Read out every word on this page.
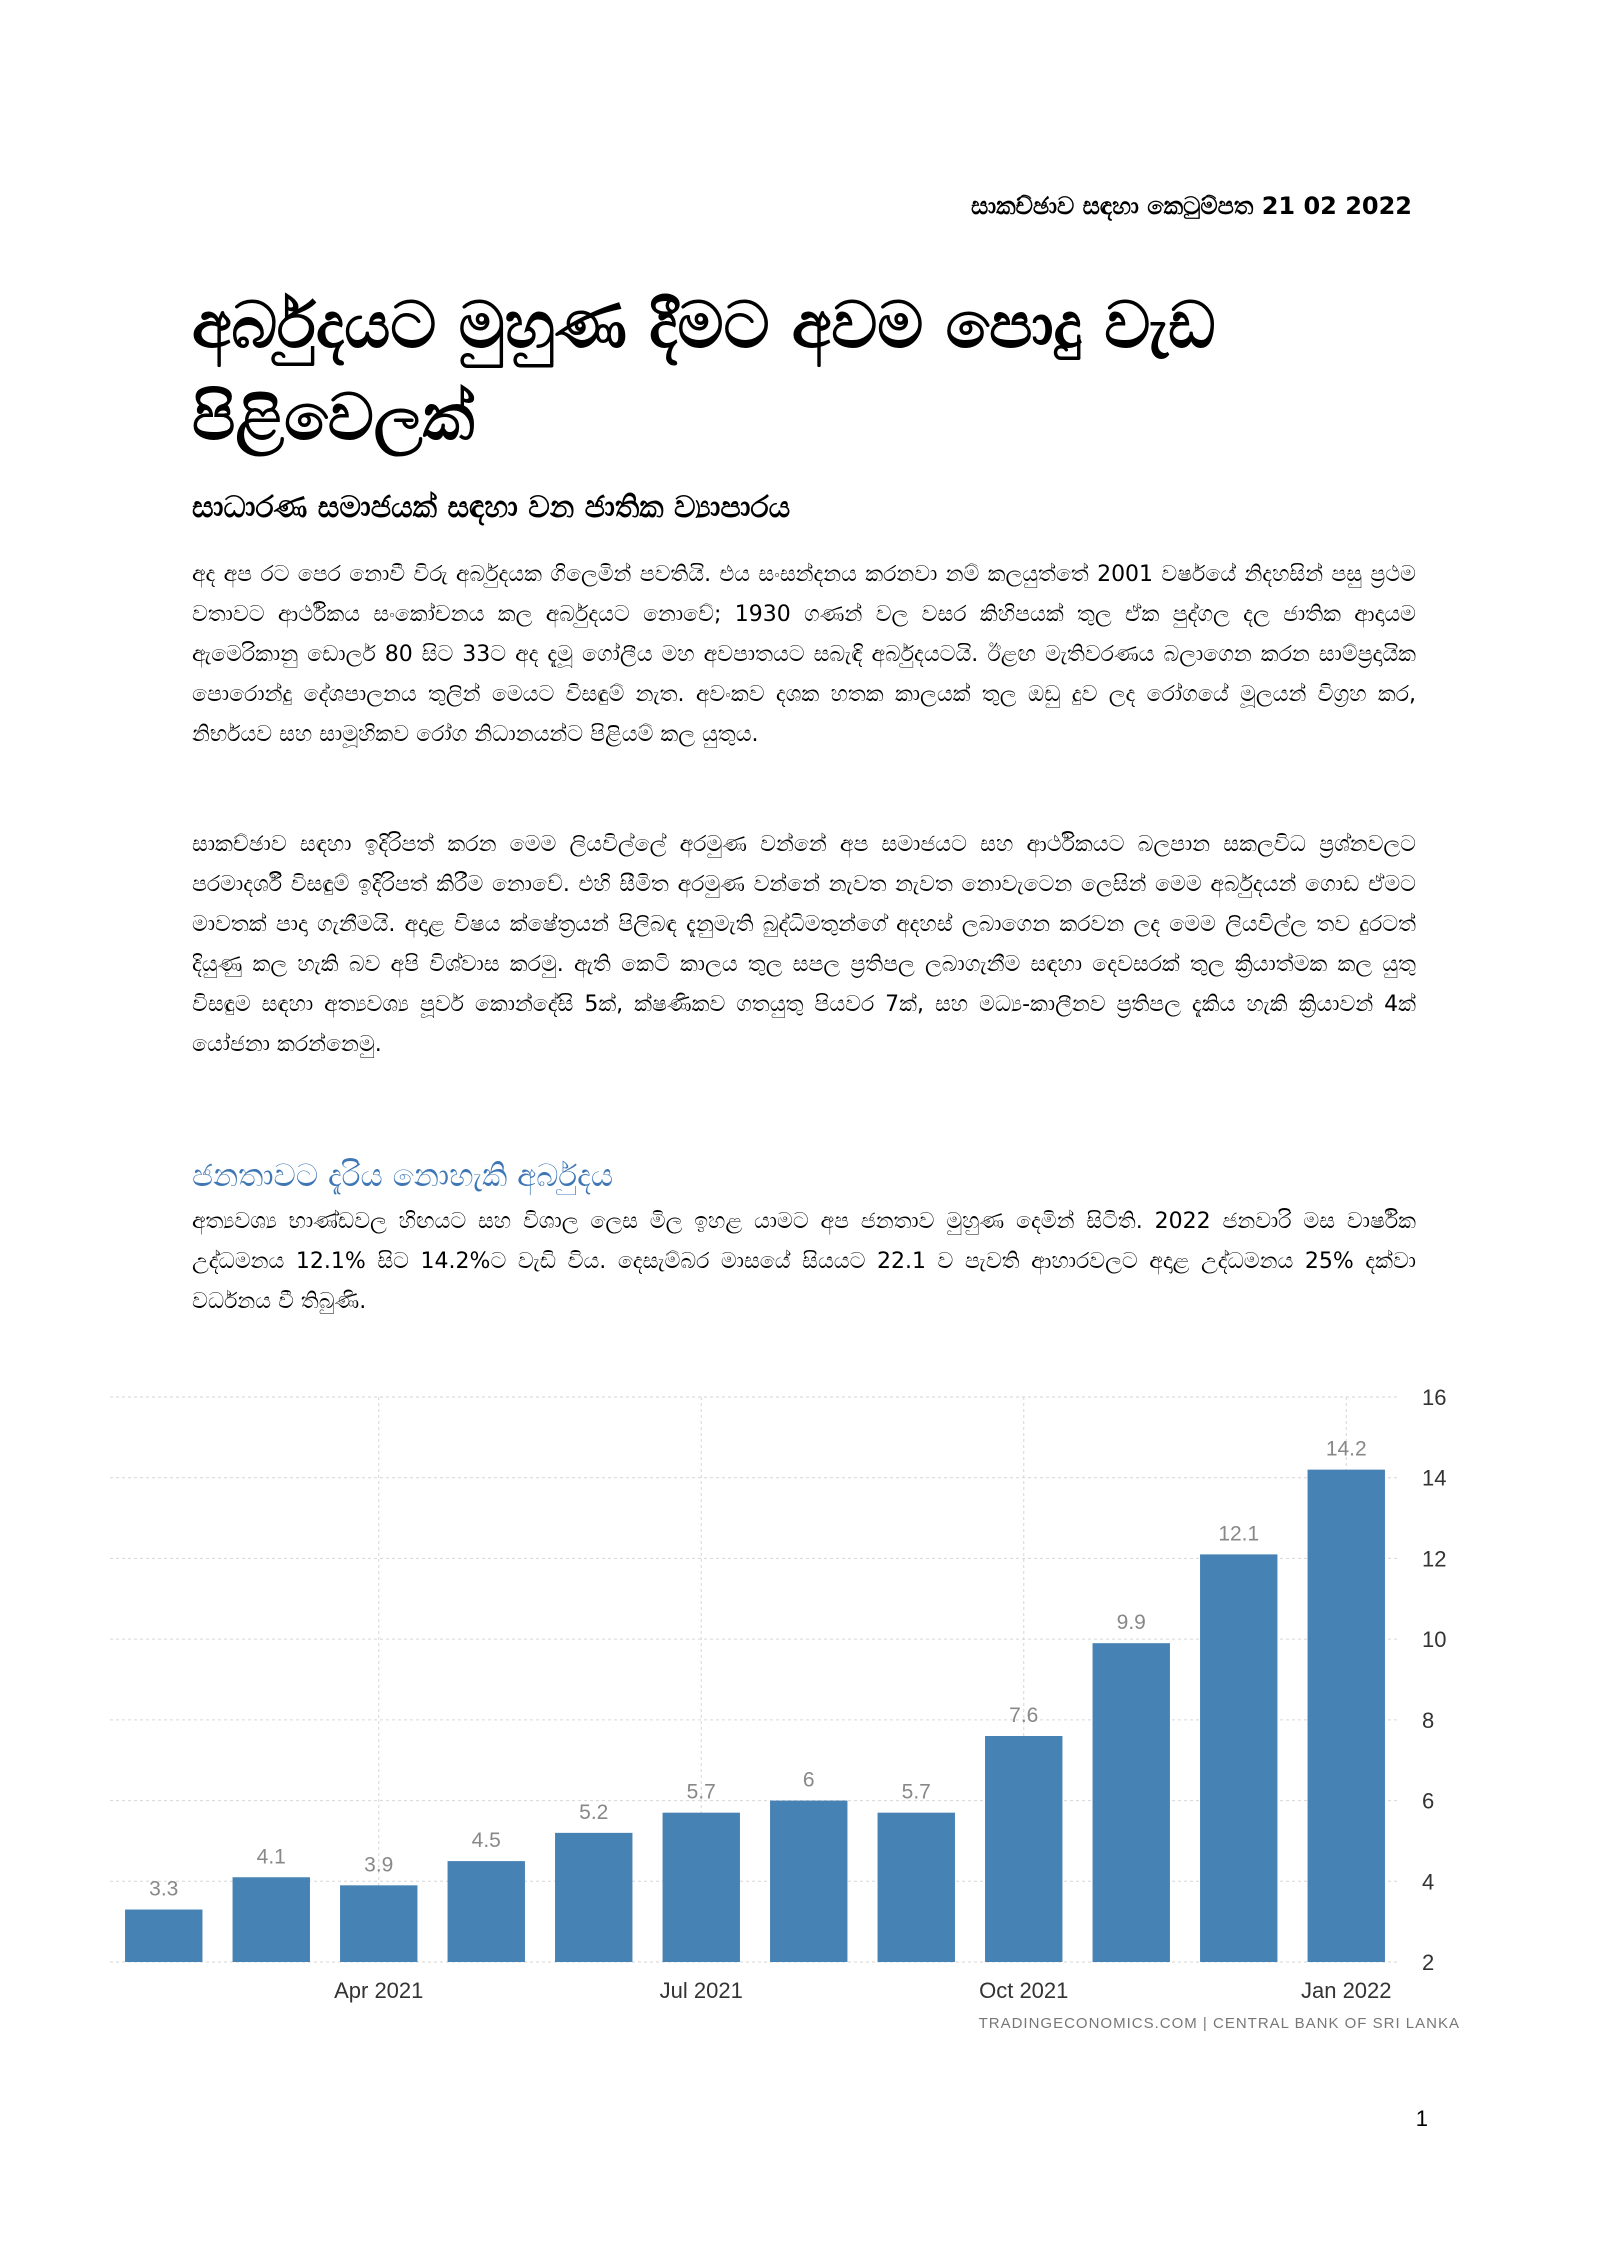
සාකච්ඡාව සඳහා කෙටුම්පත 21 02 2022
අර්බුදයට මුහුණ දීමට අවම පොදු වැඩ පිළිවෙලක්
සාධාරණ සමාජයක් සඳහා වන ජාතික ව්‍යාපාරය

අද අප රට පෙර නොවී විරු අර්බුදයක ගිලෙමින් පවතියි. එය සංසන්දනය කරනවා නම් කලයුත්තේ 2001 වර්ෂයේ නිදහසින් පසු ප්‍රථම වතාවට ආර්ථිකය සංකෝචනය කල අර්බුදයට නොවේ; 1930 ගණන් වල වසර කිහිපයක් තුල ඒක පුද්ගල දල ජාතික ආදායම ඇමෙරිකානු ඩොලර් 80 සිට 33ට අද දැමූ ගෝලීය මහ අවපාතයට සබැඳි අර්බුදයටයි. ඊළඟ මැතිවරණය බලාගෙන කරන සාම්ප්‍රදායික පොරොන්දු දේශපාලනය තුලින් මෙයට විසඳුම් නැත. අවංකව දශක හතක කාලයක් තුල ඔඩු දුව ලද රෝගයේ මූලයන් විග්‍රහ කර, නිර්භයව සහ සාමූහිකව රෝග නිධානයන්ට පිළියම් කල යුතුය.

සාකච්ඡාව සඳහා ඉදිරිපත් කරන මෙම ලියවිල්ලේ අරමුණ වන්නේ අප සමාජයට සහ ආර්ථිකයට බලපාන සකලවිධ ප්‍රශ්නවලට පරමාදර්ශී විසඳුම් ඉදිරිපත් කිරීම නොවේ. එහි සීමිත අරමුණ වන්නේ නැවත නැවත නොවැටෙන ලෙසින් මෙම අර්බුදයන් ගොඩ ඒමට මාවතක් පාදා ගැනීමයි. අදාළ විෂය ක්ෂේත්‍රයන් පිලිබඳ දැනුමැති බුද්ධිමතුන්ගේ අදහස් ලබාගෙන කරවන ලද මෙම ලියවිල්ල තව දුරටත් දියුණු කල හැකි බව අපි විශ්වාස කරමු. ඇති කෙටි කාලය තුල සපල ප්‍රතිපල ලබාගැනීම සඳහා දෙවසරක් තුල ක්‍රියාත්මක කල යුතු විසඳුම සඳහා අත්‍යවශ්‍ය පූර්ව කොන්දේසි 5ක්, ක්ෂණිකව ගතයුතු පියවර 7ක්, සහ මධ්‍ය-කාලීනව ප්‍රතිපල දැකිය හැකි ක්‍රියාවන් 4ක් යෝජනා කරන්නෙමු.

ජනතාවට දැරිය නොහැකි අර්බුදය

අත්‍යවශ්‍ය භාණ්ඩවල හිඟයට සහ විශාල ලෙස මිල ඉහළ යාමට අප ජනතාව මුහුණ දෙමින් සිටිති. 2022 ජනවාරි මස වාර්ෂික උද්ධමනය 12.1% සිට 14.2%ට වැඩි විය. දෙසැම්බර මාසයේ සියයට 22.1 ව පැවති ආහාරවලට අදාළ උද්ධමනය 25% දක්වා වර්ධනය වී තිබුණි.

2
4
6
8
10
12
14
16
3.3
4.1	3.9
4.5
5.2
5.7
6
5.7
7.6
9.9
12.1
14.2
Apr 2021	Jul 2021	Oct 2021	Jan 2022
TRADINGECONOMICS.COM | CENTRAL BANK OF SRI LANKA
1
